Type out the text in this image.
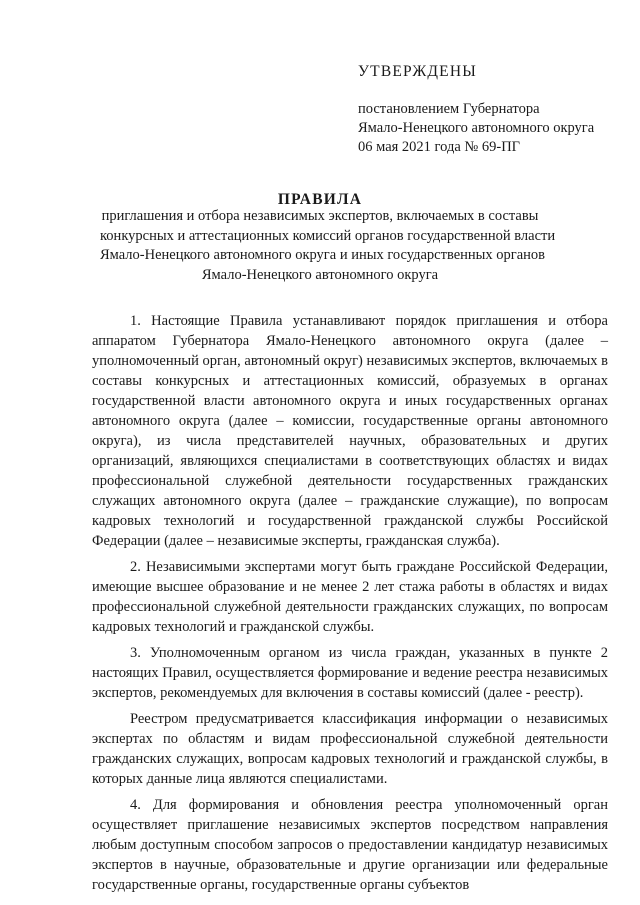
УТВЕРЖДЕНЫ
постановлением Губернатора
Ямало-Ненецкого автономного округа
06 мая 2021 года № 69-ПГ
ПРАВИЛА
приглашения и отбора независимых экспертов, включаемых в составы
конкурсных и аттестационных комиссий органов государственной власти
Ямало-Ненецкого автономного округа и иных государственных органов
Ямало-Ненецкого автономного округа

1. Настоящие Правила устанавливают порядок приглашения и отбора аппаратом Губернатора Ямало-Ненецкого автономного округа (далее – уполномоченный орган, автономный округ) независимых экспертов, включаемых в составы конкурсных и аттестационных комиссий, образуемых в органах государственной власти автономного округа и иных государственных органах автономного округа (далее – комиссии, государственные органы автономного округа), из числа представителей научных, образовательных и других организаций, являющихся специалистами в соответствующих областях и видах профессиональной служебной деятельности государственных гражданских служащих автономного округа (далее – гражданские служащие), по вопросам кадровых технологий и государственной гражданской службы Российской Федерации (далее – независимые эксперты, гражданская служба).

2. Независимыми экспертами могут быть граждане Российской Федерации, имеющие высшее образование и не менее 2 лет стажа работы в областях и видах профессиональной служебной деятельности гражданских служащих, по вопросам кадровых технологий и гражданской службы.

3. Уполномоченным органом из числа граждан, указанных в пункте 2 настоящих Правил, осуществляется формирование и ведение реестра независимых экспертов, рекомендуемых для включения в составы комиссий (далее - реестр).

Реестром предусматривается классификация информации о независимых экспертах по областям и видам профессиональной служебной деятельности гражданских служащих, вопросам кадровых технологий и гражданской службы, в которых данные лица являются специалистами.

4. Для формирования и обновления реестра уполномоченный орган осуществляет приглашение независимых экспертов посредством направления любым доступным способом запросов о предоставлении кандидатур независимых экспертов в научные, образовательные и другие организации или федеральные государственные органы, государственные органы субъектов
